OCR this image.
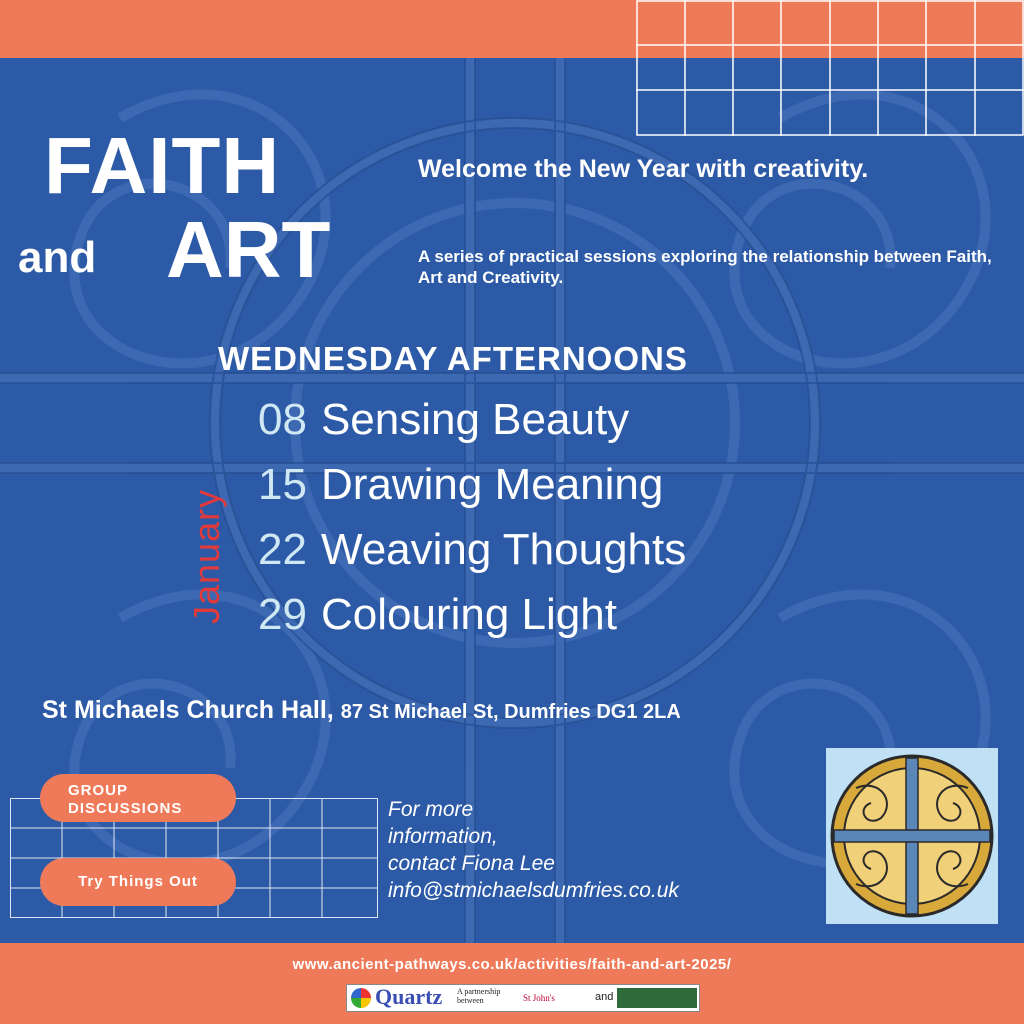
FAITH
and ART
Welcome the New Year with creativity.
A series of practical sessions exploring the relationship between Faith, Art and Creativity.
WEDNESDAY AFTERNOONS
January
08 Sensing Beauty
15 Drawing Meaning
22 Weaving Thoughts
29 Colouring Light
St Michaels Church Hall, 87 St Michael St, Dumfries DG1 2LA
GROUP
DISCUSSIONS
Try Things Out
For more
information,
contact Fiona Lee
info@stmichaelsdumfries.co.uk
www.ancient-pathways.co.uk/activities/faith-and-art-2025/
Quartz A partnership
between	St John's	and
